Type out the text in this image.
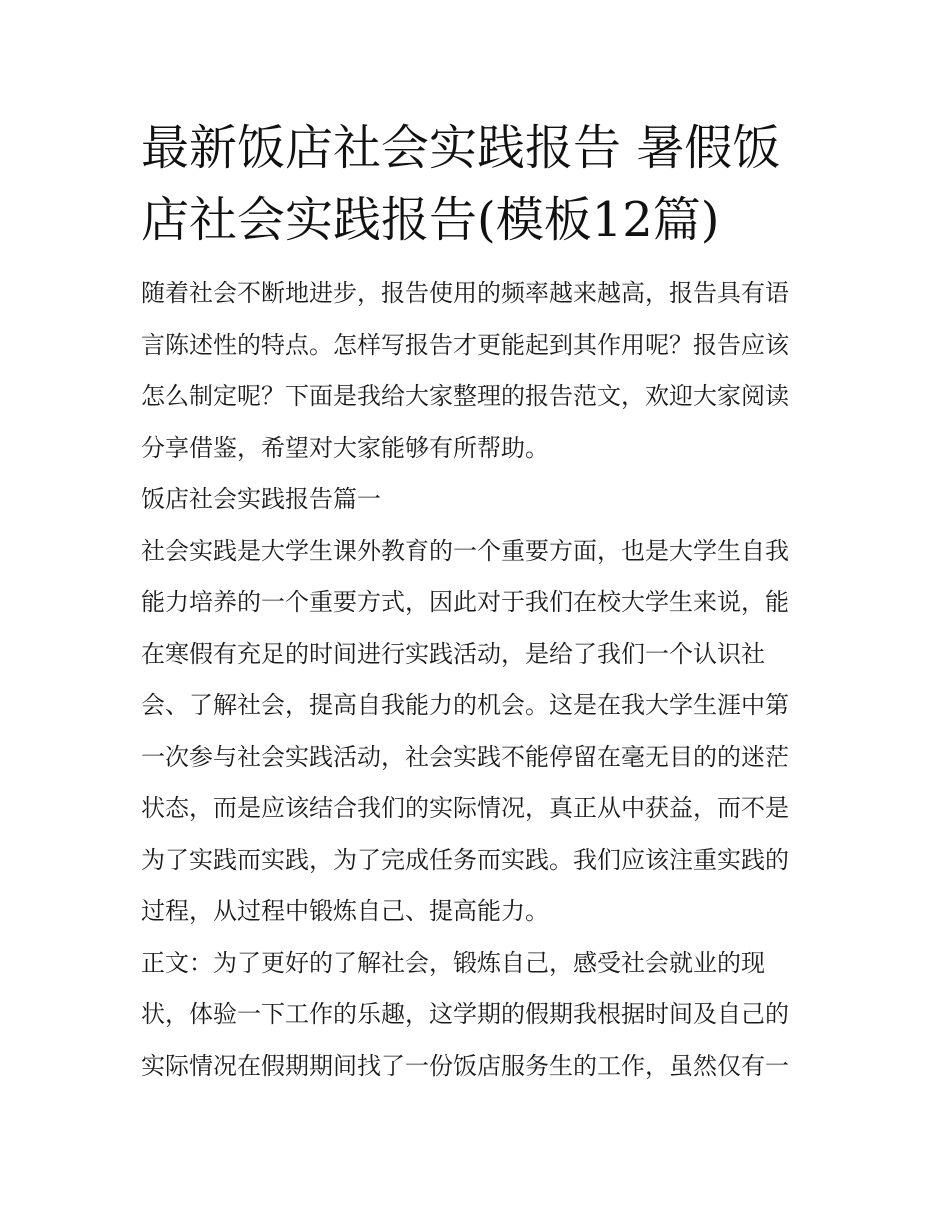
最新饭店社会实践报告 暑假饭
店社会实践报告(模板12篇)

随着社会不断地进步，报告使用的频率越来越高，报告具有语
言陈述性的特点。怎样写报告才更能起到其作用呢？报告应该
怎么制定呢？下面是我给大家整理的报告范文，欢迎大家阅读
分享借鉴，希望对大家能够有所帮助。

饭店社会实践报告篇一

社会实践是大学生课外教育的一个重要方面，也是大学生自我
能力培养的一个重要方式，因此对于我们在校大学生来说，能
在寒假有充足的时间进行实践活动，是给了我们一个认识社
会、了解社会，提高自我能力的机会。这是在我大学生涯中第
一次参与社会实践活动，社会实践不能停留在毫无目的的迷茫
状态，而是应该结合我们的实际情况，真正从中获益，而不是
为了实践而实践，为了完成任务而实践。我们应该注重实践的
过程，从过程中锻炼自己、提高能力。

正文：为了更好的了解社会，锻炼自己，感受社会就业的现
状，体验一下工作的乐趣，这学期的假期我根据时间及自己的
实际情况在假期期间找了一份饭店服务生的工作，虽然仅有一
